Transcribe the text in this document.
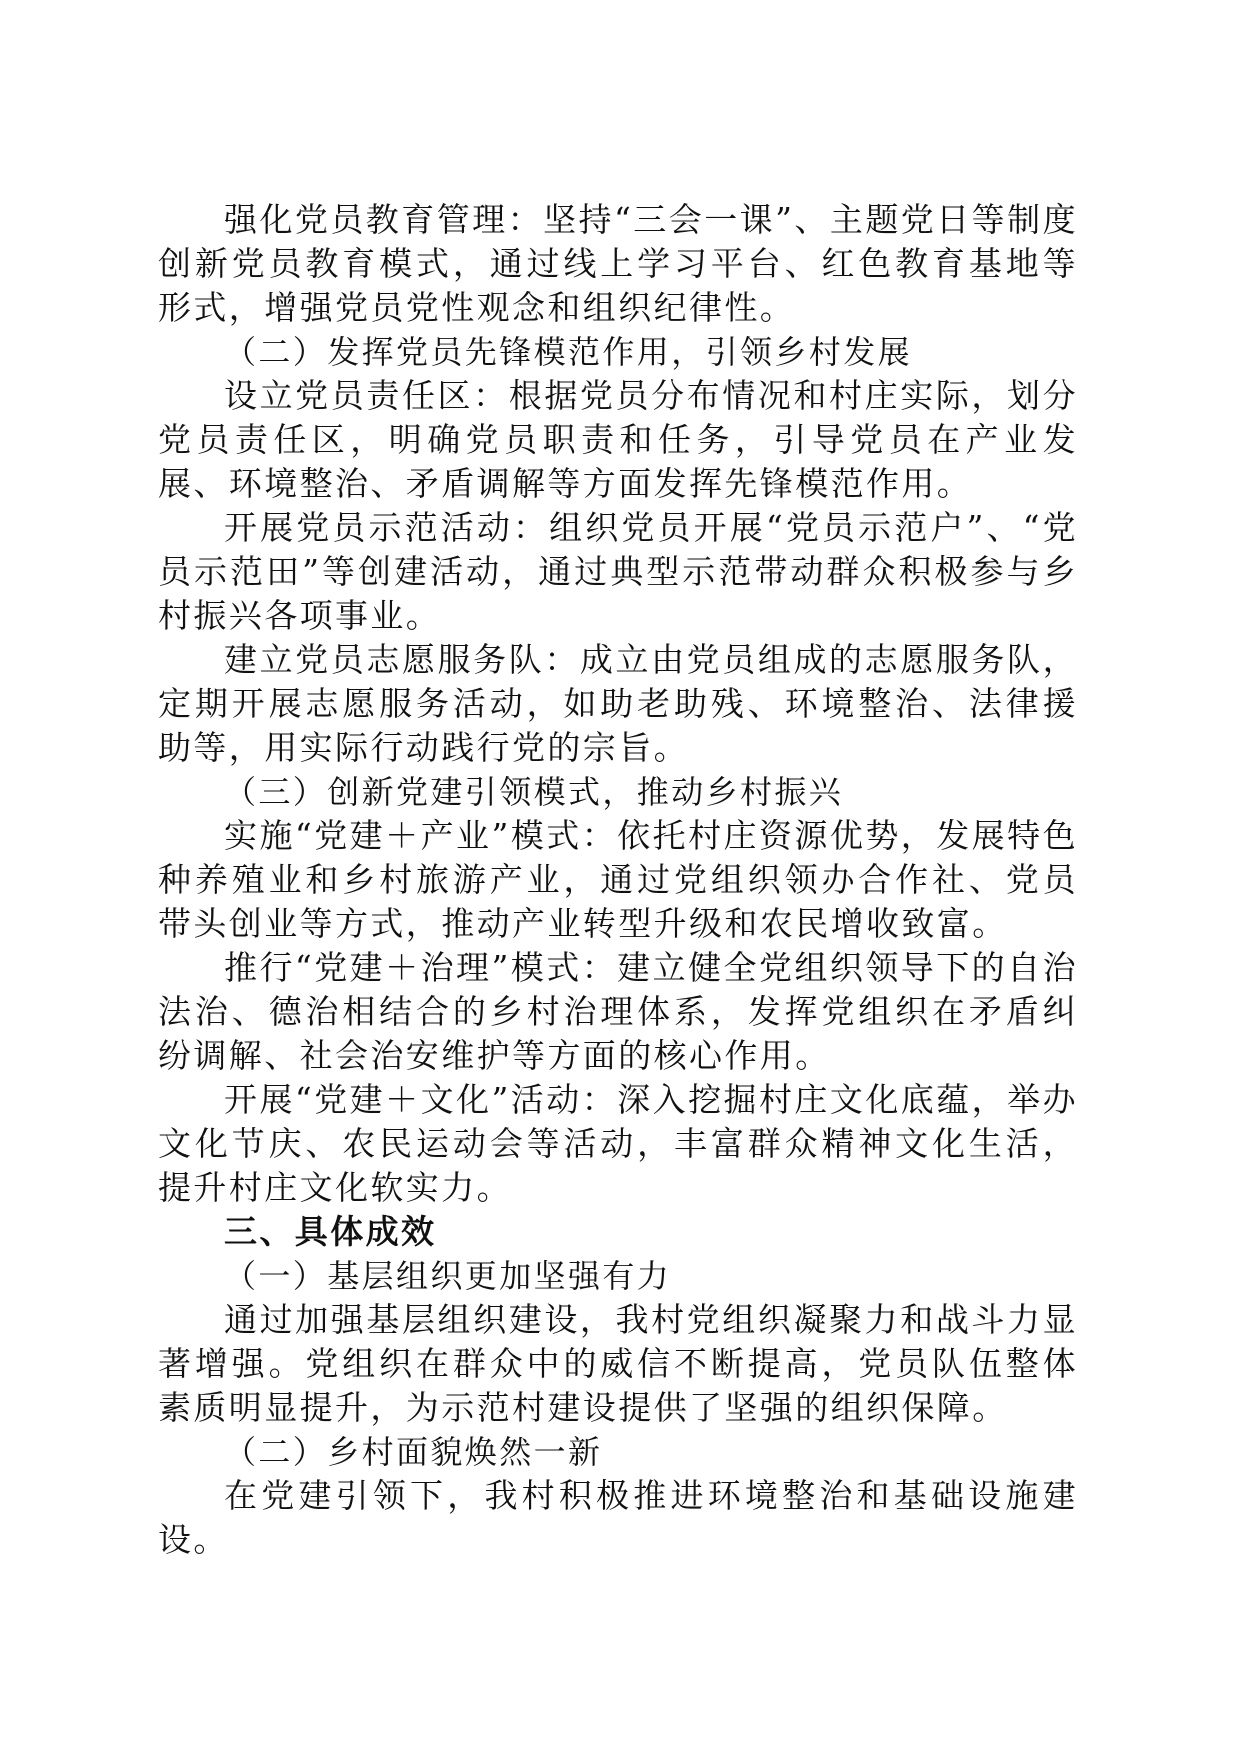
强化党员教育管理：坚持“三会一课”、主题党日等制度创新党员教育模式，通过线上学习平台、红色教育基地等形式，增强党员党性观念和组织纪律性。

（二）发挥党员先锋模范作用，引领乡村发展

设立党员责任区：根据党员分布情况和村庄实际，划分党员责任区，明确党员职责和任务，引导党员在产业发展、环境整治、矛盾调解等方面发挥先锋模范作用。

开展党员示范活动：组织党员开展“党员示范户”、“党员示范田”等创建活动，通过典型示范带动群众积极参与乡村振兴各项事业。

建立党员志愿服务队：成立由党员组成的志愿服务队，定期开展志愿服务活动，如助老助残、环境整治、法律援助等，用实际行动践行党的宗旨。

（三）创新党建引领模式，推动乡村振兴

实施“党建＋产业”模式：依托村庄资源优势，发展特色种养殖业和乡村旅游产业，通过党组织领办合作社、党员带头创业等方式，推动产业转型升级和农民增收致富。

推行“党建＋治理”模式：建立健全党组织领导下的自治法治、德治相结合的乡村治理体系，发挥党组织在矛盾纠纷调解、社会治安维护等方面的核心作用。

开展“党建＋文化”活动：深入挖掘村庄文化底蕴，举办文化节庆、农民运动会等活动，丰富群众精神文化生活，提升村庄文化软实力。

三、具体成效

（一）基层组织更加坚强有力

通过加强基层组织建设，我村党组织凝聚力和战斗力显著增强。党组织在群众中的威信不断提高，党员队伍整体素质明显提升，为示范村建设提供了坚强的组织保障。

（二）乡村面貌焕然一新

在党建引领下，我村积极推进环境整治和基础设施建设。
